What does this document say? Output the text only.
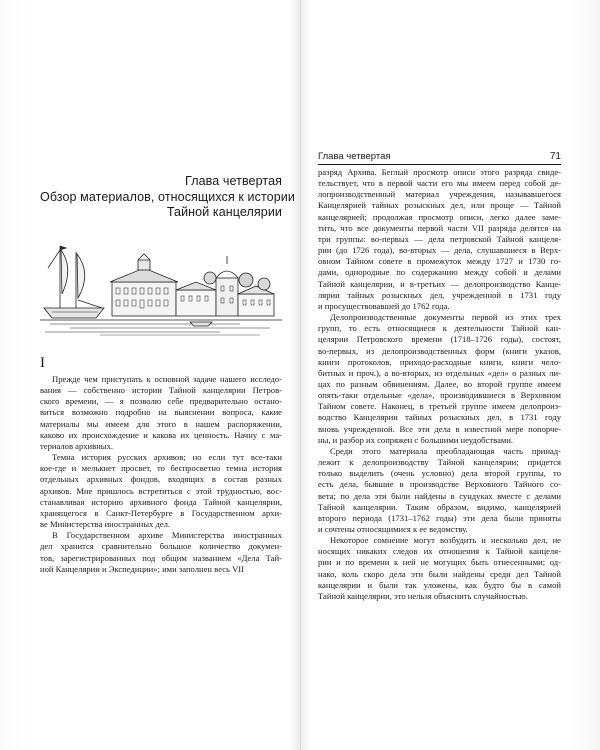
Глава четвертая
Обзор материалов, относящихся к истории
Тайной канцелярии
I
Прежде чем приступать к основной задаче нашего исследо-
вания — собственно истории Тайной канцелярии Петров-
ского времени, — я позволю себе предварительно остано-
виться возможно подробно на выяснении вопроса, какие
материалы мы имеем для этого в нашем распоряжении,
каково их происхождение и какова их ценность. Начну с ма-
териалов архивных.
Темна история русских архивов; но если тут все-таки
кое-где и мелькнет просвет, то беспросветно темна история
отдельных архивных фондов, входящих в состав разных
архивов. Мне пришлось встретиться с этой трудностью, вос-
станавливая историю архивного фонда Тайной канцелярии,
хранящегося в Санкт-Петербурге в Государственном архи-
ве Министерства иностранных дел.
В Государственном архиве Министерства иностранных
дел хранится сравнительно большое количество докумен-
тов, зарегистрированных под общим названием «Дела Тай-
ной Канцелярии и Экспедиции»; ими заполнен весь VII
Глава четвертая	71
разряд Архива. Беглый просмотр описи этого разряда свиде-
тельствует, что в первой части его мы имеем перед собой де-
лопроизводственный материал учреждения, называвшегося
Канцелярией тайных розыскных дел, или проще — Тайной
канцелярией; продолжая просмотр описи, легко далее заме-
тить, что все документы первой части VII разряда делятся на
три группы: во-первых — дела петровской Тайной канцеля-
рии (до 1726 года), во-вторых — дела, слушавшиеся в Верх-
овном Тайном совете в промежуток между 1727 и 1730 го-
дами, однородные по содержанию между собой и делами
Тайной канцелярии, и в-третьих — делопроизводство Канце-
лярии тайных розыскных дел, учрежденной в 1731 году
и просуществовавшей до 1762 года.
Делопроизводственные документы первой из этих трех
групп, то есть относящиеся к деятельности Тайной кан-
целярии Петровского времени (1718–1726 годы), состоят,
во-первых, из делопроизводственных форм (книги указов,
книги протоколов, приходо-расходные книги, книги чело-
битных и проч.), а во-вторых, из отдельных «дел» о разных ли-
цах по разным обвинениям. Далее, во второй группе имеем
опять-таки отдельные «дела», производившиеся в Верховном
Тайном совете. Наконец, в третьей группе имеем делопроиз-
водство Канцелярии тайных розыскных дел, в 1731 году
вновь учрежденной. Все эти дела в известной мере попорче-
ны, и разбор их сопряжен с большими неудобствами.
Среди этого материала преобладающая часть принад-
лежит к делопроизводству Тайной канцелярии; придется
только выделить (очень условно) дела второй группы, то
есть дела, бывшие в производстве Верховного Тайного со-
вета; по дела эти были найдены в сундуках вместе с делами
Тайной канцелярии. Таким образом, видимо, канцелярией
второго периода (1731–1762 годы) эти дела были приняты
и сочтены относящимися к ее ведомству.
Некоторое сомнение могут возбудить и несколько дел, не
носящих никаких следов их отношения к Тайной канцеля-
рии и по времени к ней не могущих быть отнесенными; од-
нако, коль скоро дела эти были найдены среди дел Тайной
канцелярии и были так уложены, как будто бы в самой
Тайной канцелярии, это нельзя объяснить случайностью.
